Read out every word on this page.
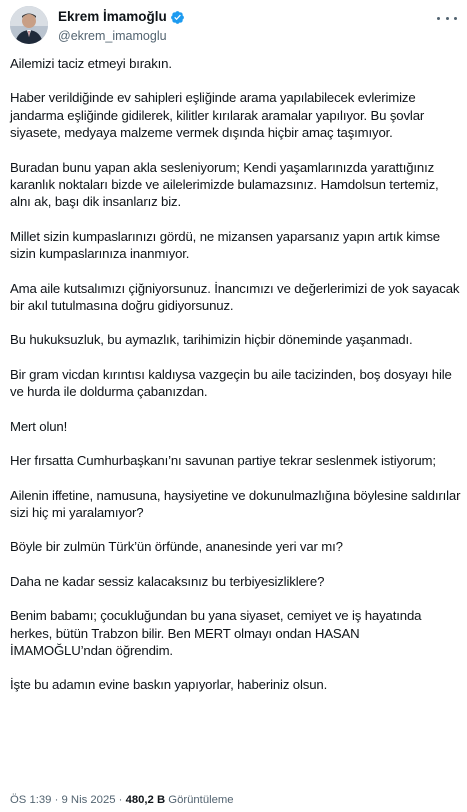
Ekrem İmamoğlu
@ekrem_imamoglu

Ailemizi taciz etmeyi bırakın.

Haber verildiğinde ev sahipleri eşliğinde arama yapılabilecek evlerimize jandarma eşliğinde gidilerek, kilitler kırılarak aramalar yapılıyor. Bu şovlar siyasete, medyaya malzeme vermek dışında hiçbir amaç taşımıyor.

Buradan bunu yapan akla sesleniyorum; Kendi yaşamlarınızda yarattığınız karanlık noktaları bizde ve ailelerimizde bulamazsınız. Hamdolsun tertemiz, alnı ak, başı dik insanlarız biz.

Millet sizin kumpaslarınızı gördü, ne mizansen yaparsanız yapın artık kimse sizin kumpaslarınıza inanmıyor.

Ama aile kutsalımızı çiğniyorsunuz. İnancımızı ve değerlerimizi de yok sayacak bir akıl tutulmasına doğru gidiyorsunuz.

Bu hukuksuzluk, bu aymazlık, tarihimizin hiçbir döneminde yaşanmadı.

Bir gram vicdan kırıntısı kaldıysa vazgeçin bu aile tacizinden, boş dosyayı hile ve hurda ile doldurma çabanızdan.

Mert olun!

Her fırsatta Cumhurbaşkanı’nı savunan partiye tekrar seslenmek istiyorum;

Ailenin iffetine, namusuna, haysiyetine ve dokunulmazlığına böylesine saldırılar sizi hiç mi yaralamıyor?

Böyle bir zulmün Türk’ün örfünde, ananesinde yeri var mı?

Daha ne kadar sessiz kalacaksınız bu terbiyesizliklere?

Benim babamı; çocukluğundan bu yana siyaset, cemiyet ve iş hayatında herkes, bütün Trabzon bilir. Ben MERT olmayı ondan HASAN İMAMOĞLU’ndan öğrendim.

İşte bu adamın evine baskın yapıyorlar, haberiniz olsun.

ÖS 1:39 · 9 Nis 2025 · 480,2 B Görüntüleme
